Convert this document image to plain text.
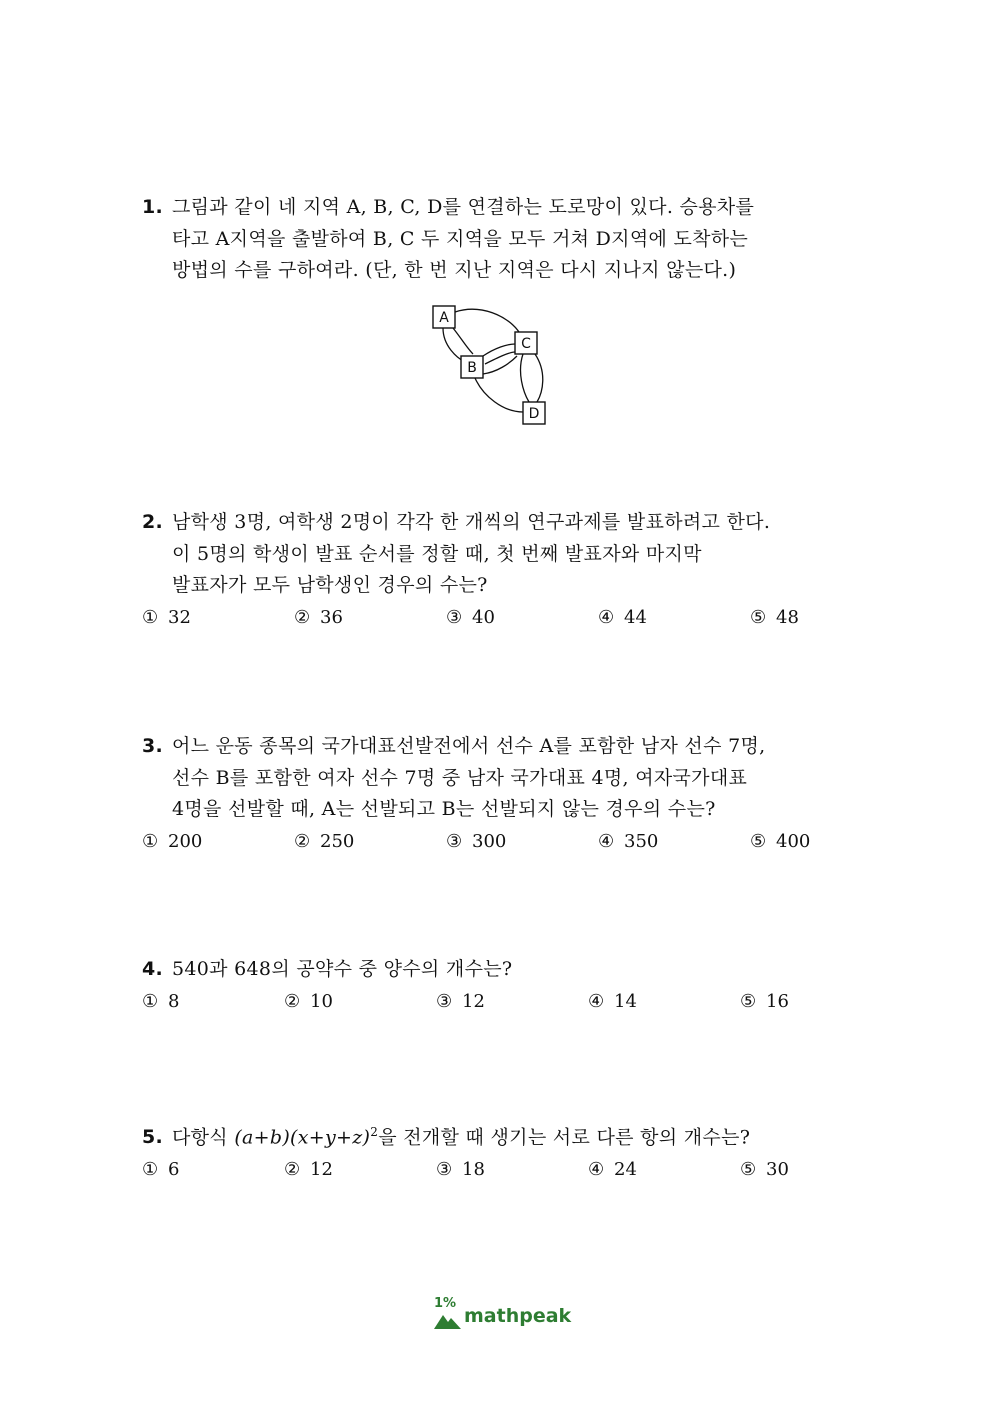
1. 그림과 같이 네 지역 A, B, C, D를 연결하는 도로망이 있다. 승용차를
타고 A지역을 출발하여 B, C 두 지역을 모두 거쳐 D지역에 도착하는
방법의 수를 구하여라. (단, 한 번 지난 지역은 다시 지나지 않는다.)
A
B
C
D
2. 남학생 3명, 여학생 2명이 각각 한 개씩의 연구과제를 발표하려고 한다.
이 5명의 학생이 발표 순서를 정할 때, 첫 번째 발표자와 마지막
발표자가 모두 남학생인 경우의 수는?
① 32	② 36	③ 40	④ 44	⑤ 48
3. 어느 운동 종목의 국가대표선발전에서 선수 A를 포함한 남자 선수 7명,
선수 B를 포함한 여자 선수 7명 중 남자 국가대표 4명, 여자국가대표
4명을 선발할 때, A는 선발되고 B는 선발되지 않는 경우의 수는?
① 200	② 250	③ 300	④ 350	⑤ 400
4. 540과 648의 공약수 중 양수의 개수는?
① 8	② 10	③ 12	④ 14	⑤ 16
5. 다항식 $(a+b)(x+y+z)^2$을 전개할 때 생기는 서로 다른 항의 개수는?
① 6	② 12	③ 18	④ 24	⑤ 30
1%
mathpeak
